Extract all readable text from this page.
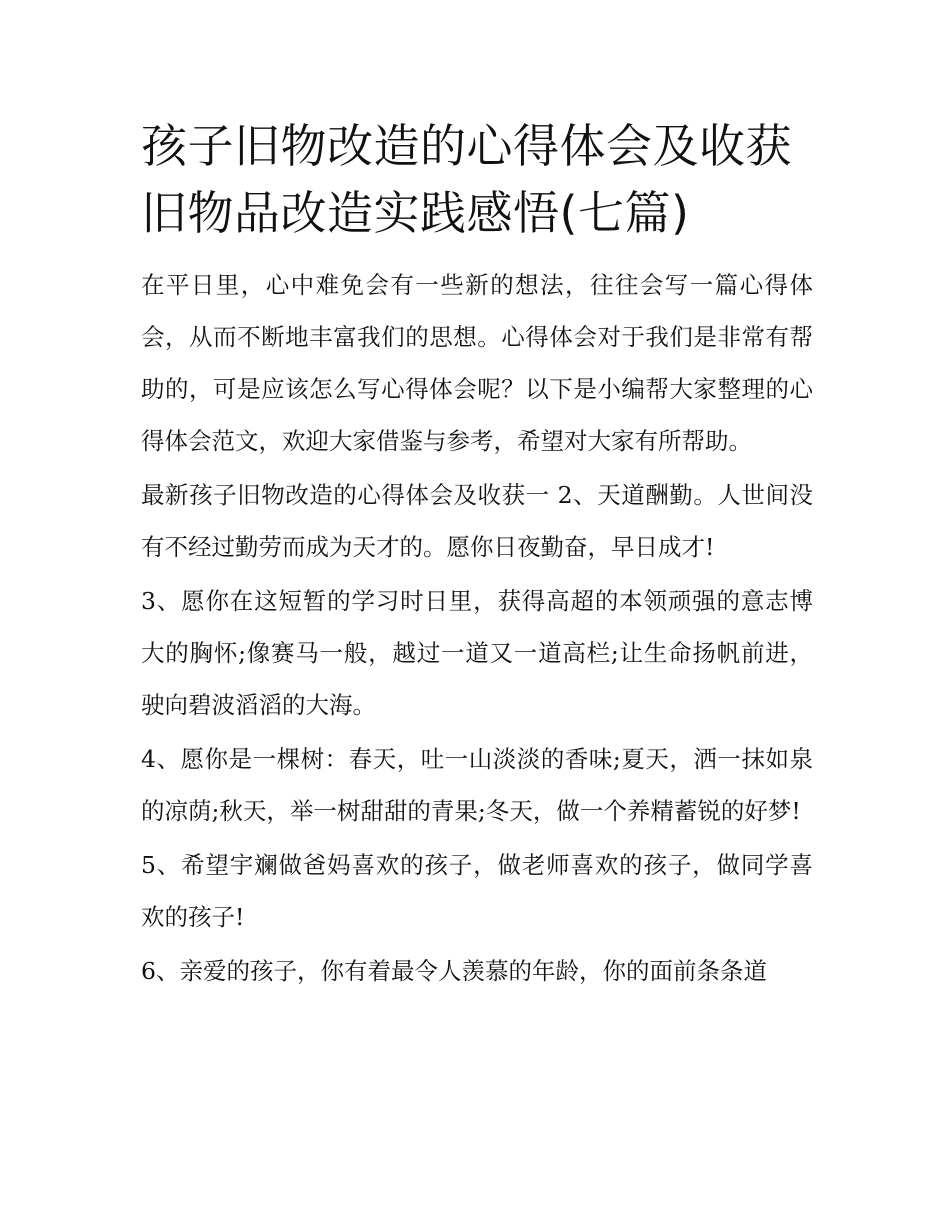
孩子旧物改造的心得体会及收获 旧物品改造实践感悟(七篇)

在平日里，心中难免会有一些新的想法，往往会写一篇心得体会，从而不断地丰富我们的思想。心得体会对于我们是非常有帮助的，可是应该怎么写心得体会呢？以下是小编帮大家整理的心得体会范文，欢迎大家借鉴与参考，希望对大家有所帮助。

最新孩子旧物改造的心得体会及收获一 2、天道酬勤。人世间没有不经过勤劳而成为天才的。愿你日夜勤奋，早日成才!

3、愿你在这短暂的学习时日里，获得高超的本领顽强的意志博大的胸怀;像赛马一般，越过一道又一道高栏;让生命扬帆前进，驶向碧波滔滔的大海。

4、愿你是一棵树：春天，吐一山淡淡的香味;夏天，洒一抹如泉的凉荫;秋天，举一树甜甜的青果;冬天，做一个养精蓄锐的好梦!

5、希望宇斓做爸妈喜欢的孩子，做老师喜欢的孩子，做同学喜欢的孩子!

6、亲爱的孩子，你有着最令人羡慕的年龄，你的面前条条道
